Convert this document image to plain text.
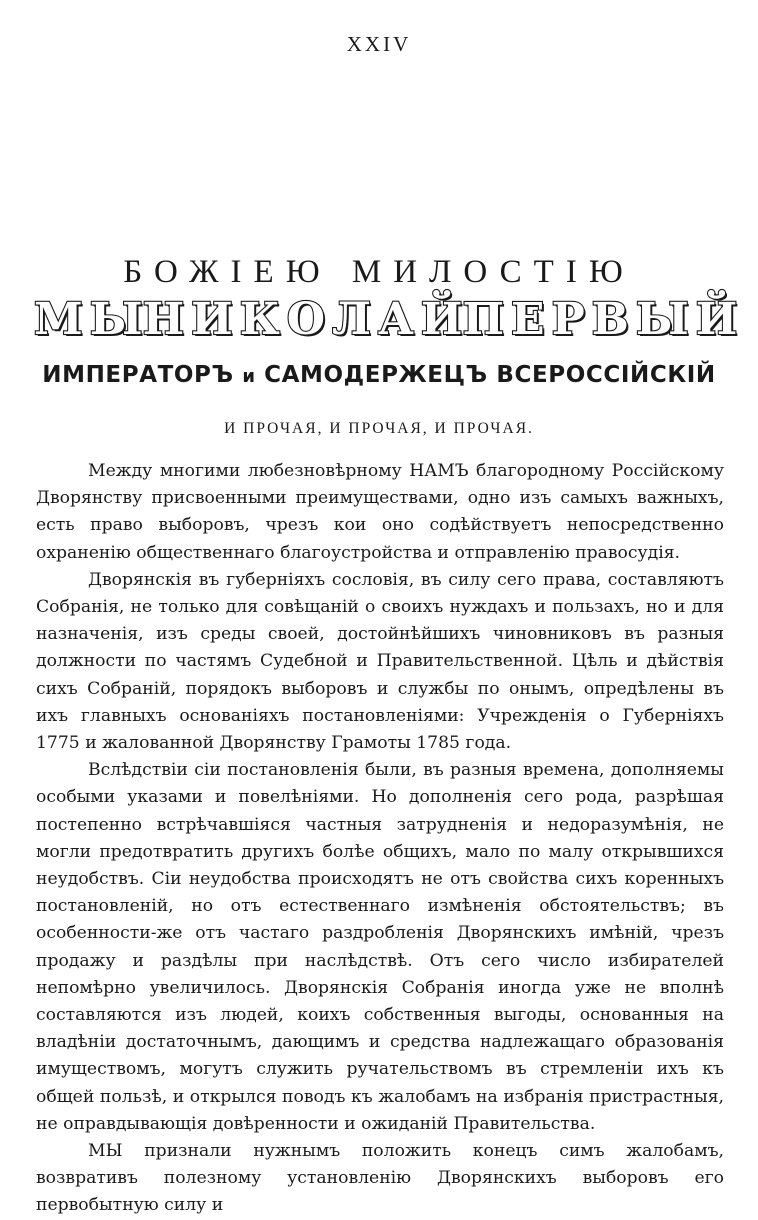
XXIV
БОЖІЕЮ МИЛОСТІЮ
М Ы Н И К О Л А Й П Е Р В Ы Й
ИМПЕРАТОРЪ и САМОДЕРЖЕЦЪ ВСЕРОССІЙСКІЙ
И ПРОЧАЯ, И ПРОЧАЯ, И ПРОЧАЯ.

Между многими любезновѣрному НАМЪ благородному Россійскому Дворянству присвоенными преимуществами, одно изъ самыхъ важныхъ, есть право выборовъ, чрезъ кои оно содѣйствуетъ непосредственно охраненію общественнаго благоустройства и отправленію правосудія.

Дворянскія въ губерніяхъ сословія, въ силу сего права, составляютъ Собранія, не только для совѣщаній о своихъ нуждахъ и пользахъ, но и для назначенія, изъ среды своей, достойнѣйшихъ чиновниковъ въ разныя должности по частямъ Судебной и Правительственной. Цѣль и дѣйствія сихъ Собраній, порядокъ выборовъ и службы по онымъ, опредѣлены въ ихъ главныхъ основаніяхъ постановленіями: Учрежденія о Губерніяхъ 1775 и жалованной Дворянству Грамоты 1785 года.

Вслѣдствіи сіи постановленія были, въ разныя времена, дополняемы особыми указами и повелѣніями. Но дополненія сего рода, разрѣшая постепенно встрѣчавшіяся частныя затрудненія и недоразумѣнія, не могли предотвратить другихъ болѣе общихъ, мало по малу открывшихся неудобствъ. Сіи неудобства происходятъ не отъ свойства сихъ коренныхъ постановленій, но отъ естественнаго измѣненія обстоятельствъ; въ особенности-же отъ частаго раздробленія Дворянскихъ имѣній, чрезъ продажу и раздѣлы при наслѣдствѣ. Отъ сего число избирателей непомѣрно увеличилось. Дворянскія Собранія иногда уже не вполнѣ составляются изъ людей, коихъ собственныя выгоды, основанныя на владѣніи достаточнымъ, дающимъ и средства надлежащаго образованія имуществомъ, могутъ служить ручательствомъ въ стремленіи ихъ къ общей пользѣ, и открылся поводъ къ жалобамъ на избранія пристрастныя, не оправдывающія довѣренности и ожиданій Правительства.

МЫ признали нужнымъ положить конецъ симъ жалобамъ, возвративъ полезному установленію Дворянскихъ выборовъ его первобытную силу и
